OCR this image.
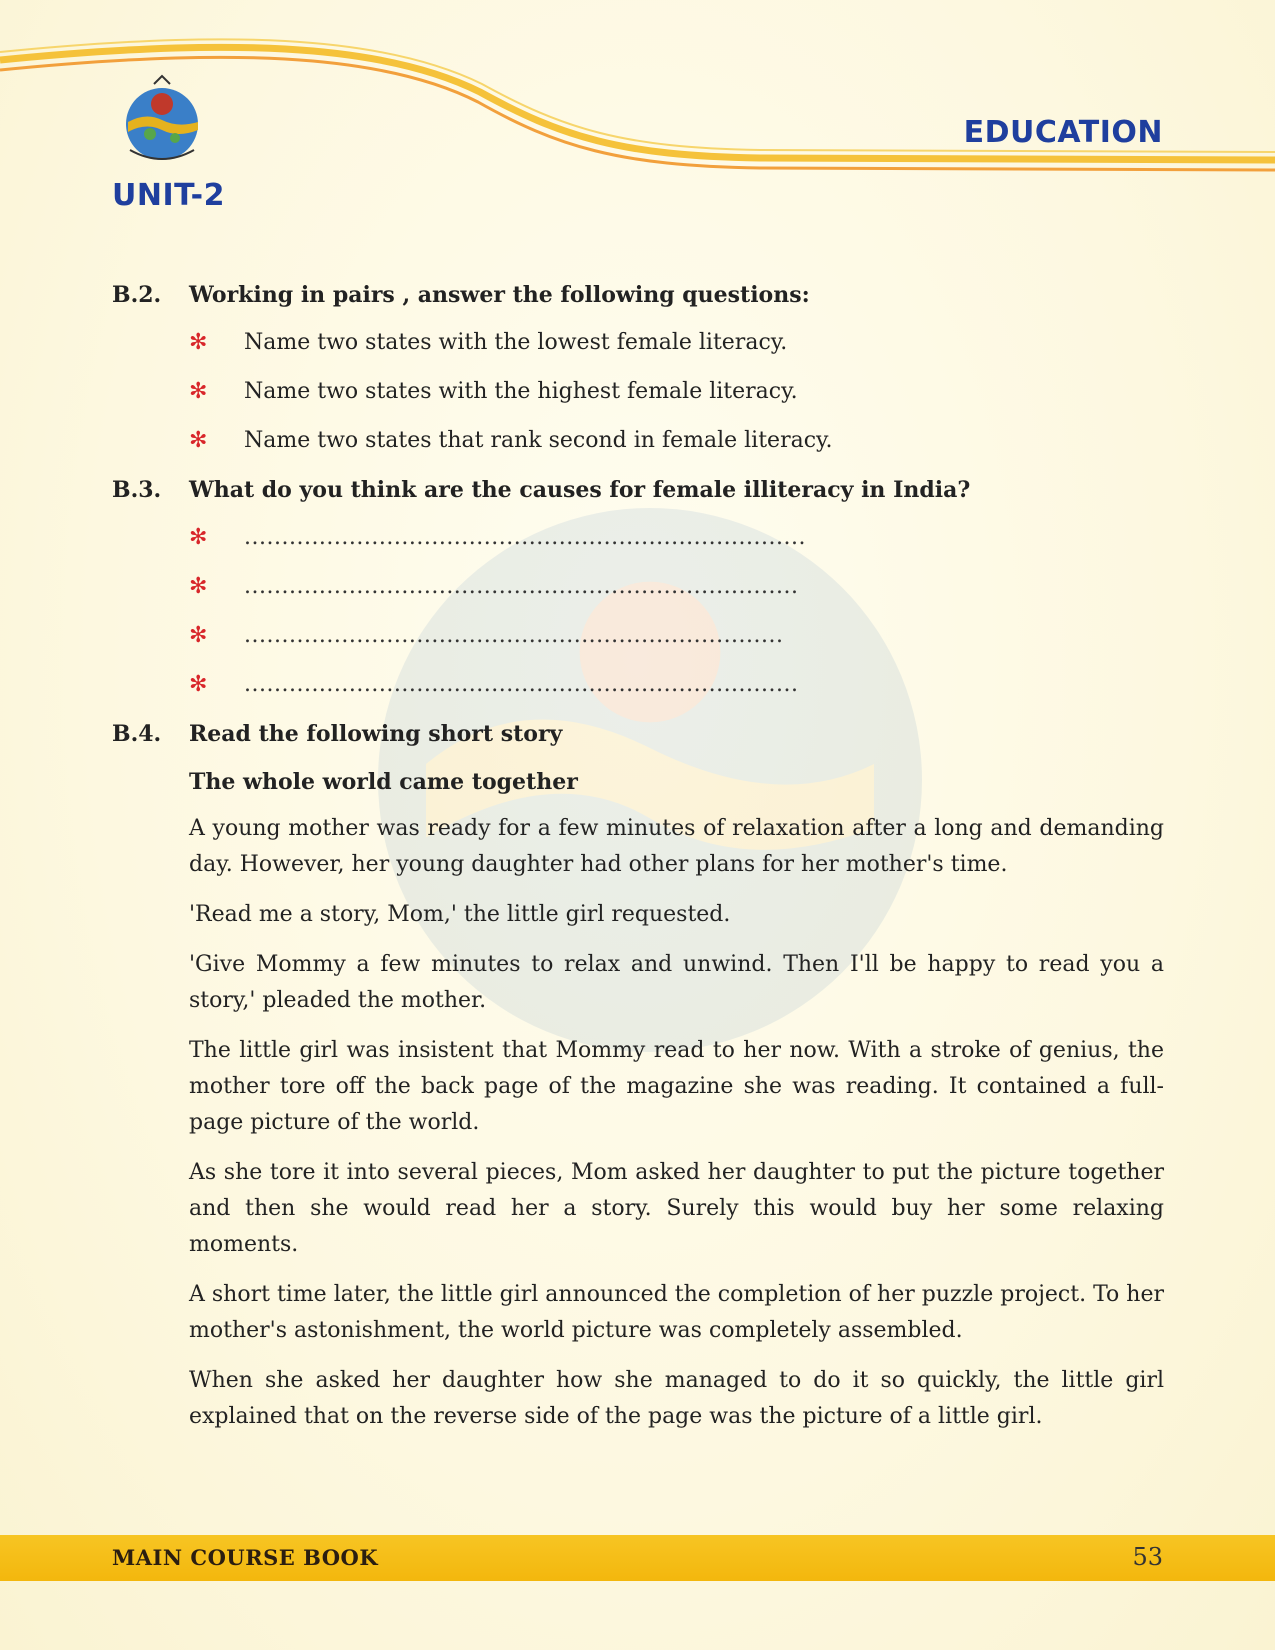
UNIT-2
EDUCATION
B.2.	Working in pairs , answer the following questions:
✻	Name two states with the lowest female literacy.
✻	Name two states with the highest female literacy.
✻	Name two states that rank second in female literacy.
B.3.	What do you think are the causes for female illiteracy in India?
✻	...........................................................................
✻	..........................................................................
✻	........................................................................
✻	..........................................................................
B.4.	Read the following short story
The whole world came together

A young mother was ready for a few minutes of relaxation after a long and demanding day. However, her young daughter had other plans for her mother's time.

'Read me a story, Mom,' the little girl requested.

'Give Mommy a few minutes to relax and unwind. Then I'll be happy to read you a story,' pleaded the mother.

The little girl was insistent that Mommy read to her now. With a stroke of genius, the mother tore off the back page of the magazine she was reading. It contained a full-page picture of the world.

As she tore it into several pieces, Mom asked her daughter to put the picture together and then she would read her a story. Surely this would buy her some relaxing moments.

A short time later, the little girl announced the completion of her puzzle project. To her mother's astonishment, the world picture was completely assembled.

When she asked her daughter how she managed to do it so quickly, the little girl explained that on the reverse side of the page was the picture of a little girl.

MAIN COURSE BOOK	53
